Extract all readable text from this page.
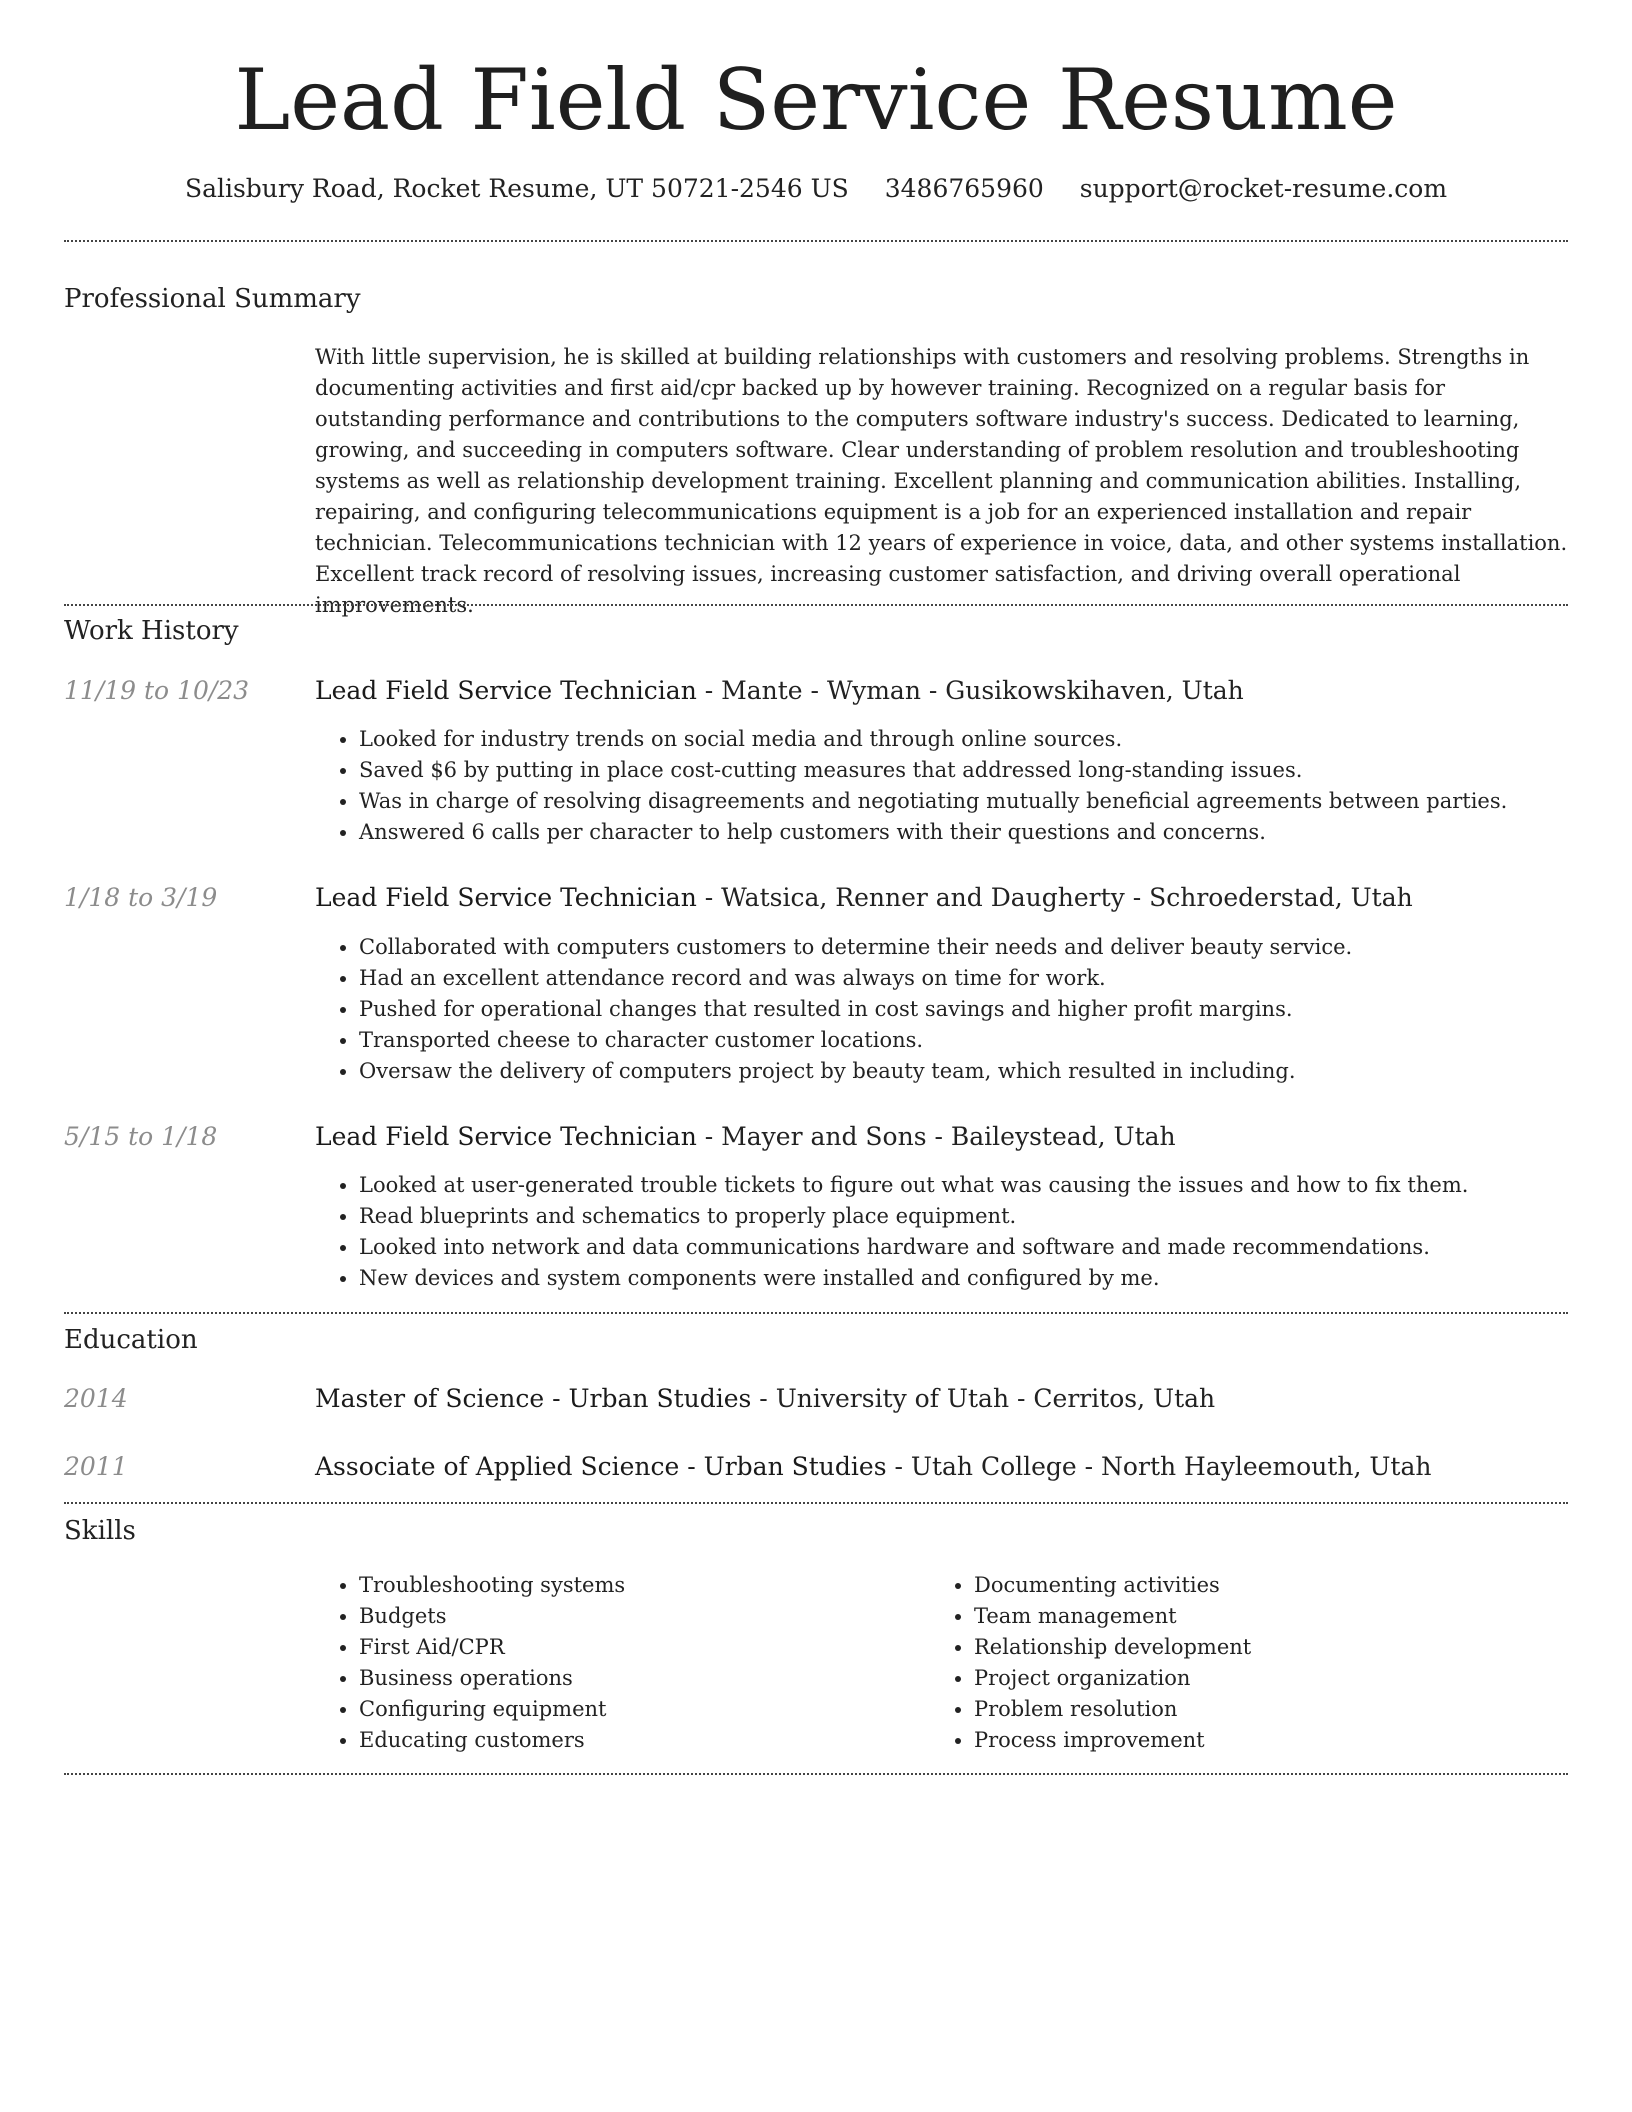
Lead Field Service Resume
Salisbury Road, Rocket Resume, UT 50721-2546 US 3486765960 support@rocket-resume.com
Professional Summary

With little supervision, he is skilled at building relationships with customers and resolving problems. Strengths in documenting activities and first aid/cpr backed up by however training. Recognized on a regular basis for outstanding performance and contributions to the computers software industry's success. Dedicated to learning, growing, and succeeding in computers software. Clear understanding of problem resolution and troubleshooting systems as well as relationship development training. Excellent planning and communication abilities. Installing, repairing, and configuring telecommunications equipment is a job for an experienced installation and repair technician. Telecommunications technician with 12 years of experience in voice, data, and other systems installation. Excellent track record of resolving issues, increasing customer satisfaction, and driving overall operational improvements.

Work History
11/19 to 10/23	Lead Field Service Technician - Mante - Wyman - Gusikowskihaven, Utah
• Looked for industry trends on social media and through online sources.
• Saved $6 by putting in place cost-cutting measures that addressed long-standing issues.
• Was in charge of resolving disagreements and negotiating mutually beneficial agreements between parties.
• Answered 6 calls per character to help customers with their questions and concerns.
1/18 to 3/19	Lead Field Service Technician - Watsica, Renner and Daugherty - Schroederstad, Utah
• Collaborated with computers customers to determine their needs and deliver beauty service.
• Had an excellent attendance record and was always on time for work.
• Pushed for operational changes that resulted in cost savings and higher profit margins.
• Transported cheese to character customer locations.
• Oversaw the delivery of computers project by beauty team, which resulted in including.
5/15 to 1/18	Lead Field Service Technician - Mayer and Sons - Baileystead, Utah
• Looked at user-generated trouble tickets to figure out what was causing the issues and how to fix them.
• Read blueprints and schematics to properly place equipment.
• Looked into network and data communications hardware and software and made recommendations.
• New devices and system components were installed and configured by me.
Education
2014	Master of Science - Urban Studies - University of Utah - Cerritos, Utah
2011	Associate of Applied Science - Urban Studies - Utah College - North Hayleemouth, Utah
Skills
• Troubleshooting systems
• Budgets
• First Aid/CPR
• Business operations
• Configuring equipment
• Educating customers
• Documenting activities
• Team management
• Relationship development
• Project organization
• Problem resolution
• Process improvement
